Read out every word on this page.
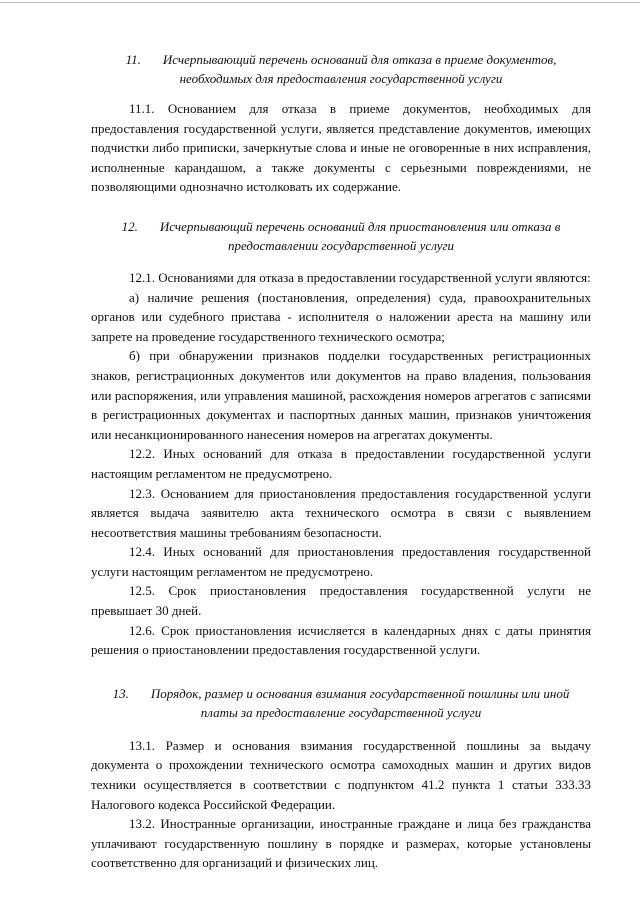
11. Исчерпывающий перечень оснований для отказа в приеме документов, необходимых для предоставления государственной услуги

11.1. Основанием для отказа в приеме документов, необходимых для предоставления государственной услуги, является представление документов, имеющих подчистки либо приписки, зачеркнутые слова и иные не оговоренные в них исправления, исполненные карандашом, а также документы с серьезными повреждениями, не позволяющими однозначно истолковать их содержание.

12. Исчерпывающий перечень оснований для приостановления или отказа в предоставлении государственной услуги

12.1. Основаниями для отказа в предоставлении государственной услуги являются:

а) наличие решения (постановления, определения) суда, правоохранительных органов или судебного пристава - исполнителя о наложении ареста на машину или запрете на проведение государственного технического осмотра;

б) при обнаружении признаков подделки государственных регистрационных знаков, регистрационных документов или документов на право владения, пользования или распоряжения, или управления машиной, расхождения номеров агрегатов с записями в регистрационных документах и паспортных данных машин, признаков уничтожения или несанкционированного нанесения номеров на агрегатах документы.

12.2. Иных оснований для отказа в предоставлении государственной услуги настоящим регламентом не предусмотрено.

12.3. Основанием для приостановления предоставления государственной услуги является выдача заявителю акта технического осмотра в связи с выявлением несоответствия машины требованиям безопасности.

12.4. Иных оснований для приостановления предоставления государственной услуги настоящим регламентом не предусмотрено.

12.5. Срок приостановления предоставления государственной услуги не превышает 30 дней.

12.6. Срок приостановления исчисляется в календарных днях с даты принятия решения о приостановлении предоставления государственной услуги.

13. Порядок, размер и основания взимания государственной пошлины или иной платы за предоставление государственной услуги

13.1. Размер и основания взимания государственной пошлины за выдачу документа о прохождении технического осмотра самоходных машин и других видов техники осуществляется в соответствии с подпунктом 41.2 пункта 1 статьи 333.33 Налогового кодекса Российской Федерации.

13.2. Иностранные организации, иностранные граждане и лица без гражданства уплачивают государственную пошлину в порядке и размерах, которые установлены соответственно для организаций и физических лиц.
